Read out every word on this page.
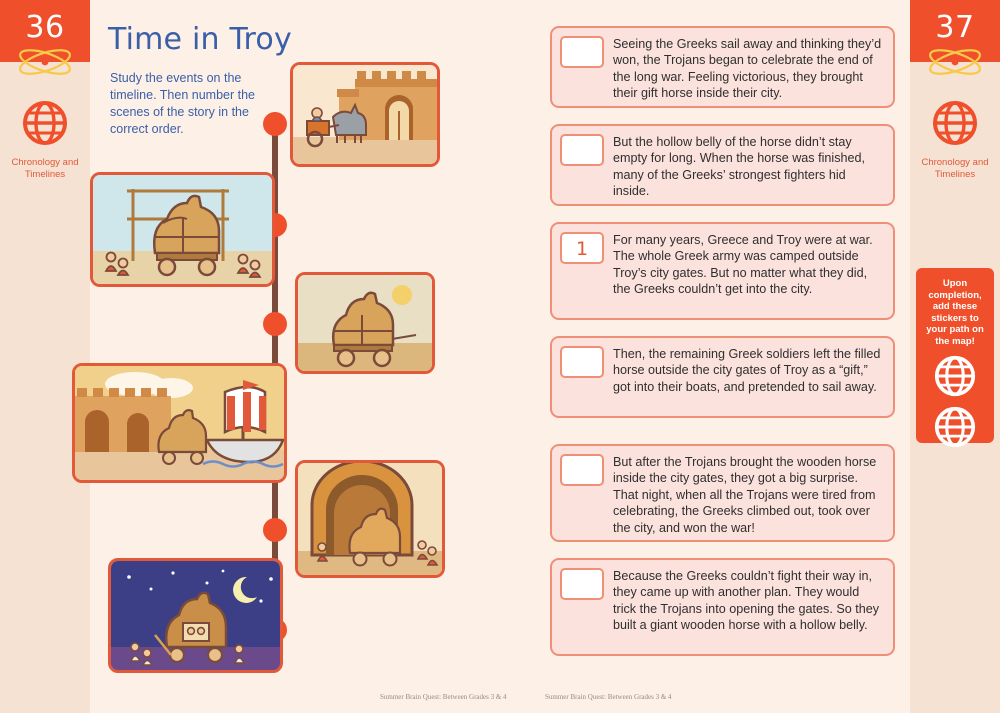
36
Chronology and Timelines
37
Chronology and Timelines
Upon completion, add these stickers to your path on the map!
Time in Troy
Study the events on the timeline. Then number the scenes of the story in the correct order.
Summer Brain Quest: Between Grades 3 & 4
Seeing the Greeks sail away and thinking they’d won, the Trojans began to celebrate the end of the long war. Feeling victorious, they brought their gift horse inside their city.
But the hollow belly of the horse didn’t stay empty for long. When the horse was finished, many of the Greeks’ strongest fighters hid inside.
1	For many years, Greece and Troy were at war. The whole Greek army was camped outside Troy’s city gates. But no matter what they did, the Greeks couldn’t get into the city.
Then, the remaining Greek soldiers left the filled horse outside the city gates of Troy as a “gift,” got into their boats, and pretended to sail away.
But after the Trojans brought the wooden horse inside the city gates, they got a big surprise. That night, when all the Trojans were tired from celebrating, the Greeks climbed out, took over the city, and won the war!
Because the Greeks couldn’t fight their way in, they came up with another plan. They would trick the Trojans into opening the gates. So they built a giant wooden horse with a hollow belly.
Summer Brain Quest: Between Grades 3 & 4
